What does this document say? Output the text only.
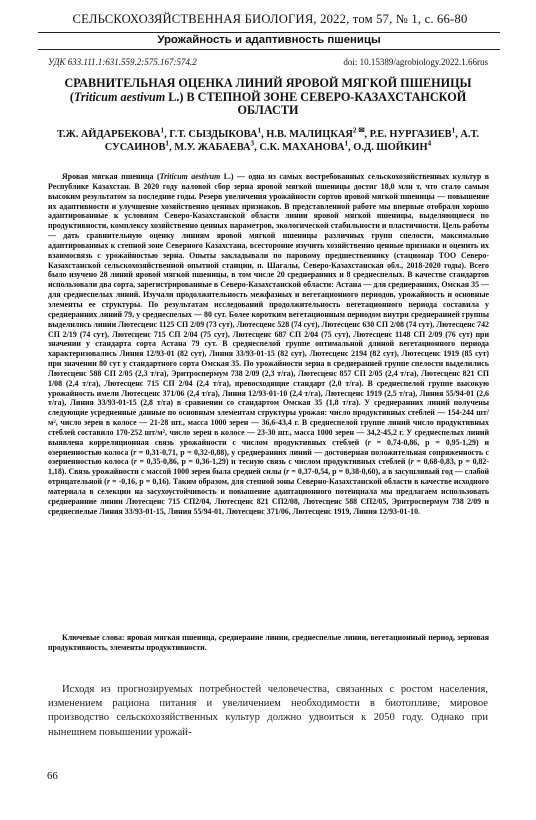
СЕЛЬСКОХОЗЯЙСТВЕННАЯ БИОЛОГИЯ, 2022, том 57, № 1, с. 66-80
Урожайность и адаптивность пшеницы
УДК 633.111.1:631.559.2:575.167:574.2	doi: 10.15389/agrobiology.2022.1.66rus
СРАВНИТЕЛЬНАЯ ОЦЕНКА ЛИНИЙ ЯРОВОЙ МЯГКОЙ ПШЕНИЦЫ (Triticum aestivum L.) В СТЕПНОЙ ЗОНЕ СЕВЕРО-КАЗАХСТАНСКОЙ ОБЛАСТИ
Т.Ж. АЙДАРБЕКОВА$^1$, Г.Т. СЫЗДЫКОВА$^1$, Н.В. $МАЛИЦКАЯ^{2 ✉}$, Р.Е. НУРГАЗИЕВ$^1$, А.Т. СУСАИНОВ$^1$, М.У. ЖАБАЕВА$^3$, С.К. МАХАНОВА$^1$, О.Д. ШОЙКИН$^4$

Яровая мягкая пшеница (Triticum aestivum L.) — одна из самых востребованных сельскохозяйственных культур в Республике Казахстан. В 2020 году валовой сбор зерна яровой мягкой пшеницы достиг 18,0 млн т, что стало самым высоким результатом за последние годы. Резерв увеличения урожайности сортов яровой мягкой пшеницы — повышение их адаптивности и улучшение хозяйственно ценных признаков. В представленной работе мы впервые отобрали хорошо адаптированные к условиям Северо-Казахстанской области линии яровой мягкой пшеницы, выделяющиеся по продуктивности, комплексу хозяйственно ценных параметров, экологической стабильности и пластичности. Цель работы — дать сравнительную оценку линиям яровой мягкой пшеницы различных групп спелости, максимально адаптированных к степной зоне Северного Казахстана, всесторонне изучить хозяйственно ценные признаки и оценить их взаимосвязь с урожайностью зерна. Опыты закладывали по паровому предшественнику (стационар ТОО Северо-Казахстанской сельскохозяйственной опытной станции, п. Шагалы, Северо-Казахстанская обл., 2018-2020 годы). Всего было изучено 28 линий яровой мягкой пшеницы, в том числе 20 среднеранних и 8 среднеспелых. В качестве стандартов использовали два сорта, зарегистрированные в Северо-Казахстанской области: Астана — для среднеранних, Омская 35 — для среднеспелых линий. Изучали продолжительность межфазных и вегетационного периодов, урожайность и основные элементы ее структуры. По результатам исследований продолжительность вегетационного периода составила у среднеранних линий 79, у среднеспелых — 80 сут. Более коротким вегетационным периодом внутри среднеранней группы выделились линии Лютесценс 1125 СП 2/09 (73 сут), Лютесценс 528 (74 сут), Лютесценс 630 СП 2/08 (74 сут), Лютесценс 742 СП 2/19 (74 сут), Лютесценс 715 СП 2/04 (75 сут), Лютесценс 687 СП 2/04 (75 сут), Лютесценс 1148 СП 2/09 (76 сут) при значении у стандарта сорта Астана 79 сут. В среднеспелой группе оптимальной длиной вегетационного периода характеризовались Линия 12/93-01 (82 сут), Линия 33/93-01-15 (82 сут), Лютесценс 2194 (82 сут), Лютесценс 1919 (85 сут) при значении 80 сут у стандартного сорта Омская 35. По урожайности зерна в среднеранней группе спелости выделились Лютесценс 588 СП 2/05 (2,3 т/га), Эритроспермум 738 2/09 (2,3 т/га), Лютесценс 857 СП 2/05 (2,4 т/га), Лютесценс 821 СП 1/08 (2,4 т/га), Лютесценс 715 СП 2/04 (2,4 т/га), превосходящие стандарт (2,0 т/га). В среднеспелой группе высокую урожайность имели Лютесценс 371/06 (2,4 т/га), Линия 12/93-01-10 (2,4 т/га), Лютесценс 1919 (2,5 т/га), Линия 55/94-01 (2,6 т/га), Линия 33/93-01-15 (2,8 т/га) в сравнении со стандартом Омская 35 (1,8 т/га). У среднеранних линий получены следующие усредненные данные по основным элементам структуры урожая: число продуктивных стеблей — 154-244 шт/м², число зерен в колосе — 21-28 шт., масса 1000 зерен — 36,6-43,4 г. В среднеспелой группе линий число продуктивных стеблей составило 170-252 шт/м², число зерен в колосе — 23-30 шт., масса 1000 зерен — 34,2-45,2 г. У среднеспелых линий выявлена корреляционная связь урожайности с числом продуктивных стеблей (r = 0,74-0,86, p = 0,95-1,29) и озерненностью колоса (r = 0,31-0,71, p = 0,32-0,88), у среднеранних линий — достоверная положительная сопряженность с озерненностью колоса (r = 0,35-0,86, p = 0,36-1,29) и тесную связь с числом продуктивных стеблей (r = 0,68-0,83, p = 0,82-1,18). Связь урожайности с массой 1000 зерен была средней силы (r = 0,37-0,54, p = 0,38-0,60), а в засушливый год — слабой отрицательной (r = -0,16, p = 0,16). Таким образом, для степной зоны Северно-Казахстанской области в качестве исходного материала в селекции на засухоустойчивость и повышение адаптационного потенциала мы предлагаем использовать среднеранние линии Лютесценс 715 СП2/04, Лютесценс 821 СП2/08, Лютесценс 588 СП2/05, Эритроспермум 738 2/09 и среднеспелые Линия 33/93-01-15, Линия 55/94-01, Лютесценс 371/06, Лютесценс 1919, Линия 12/93-01-10.

Ключевые слова: яровая мягкая пшеница, среднерание линии, среднеспелые линии, вегетационный период, зерновая продуктивность, элементы продуктивности.

Исходя из прогнозируемых потребностей человечества, связанных с ростом населения, изменением рациона питания и увеличением необходимости в биотопливе, мировое производство сельскохозяйственных культур должно удвоиться к 2050 году. Однако при нынешнем повышении урожай-

66
